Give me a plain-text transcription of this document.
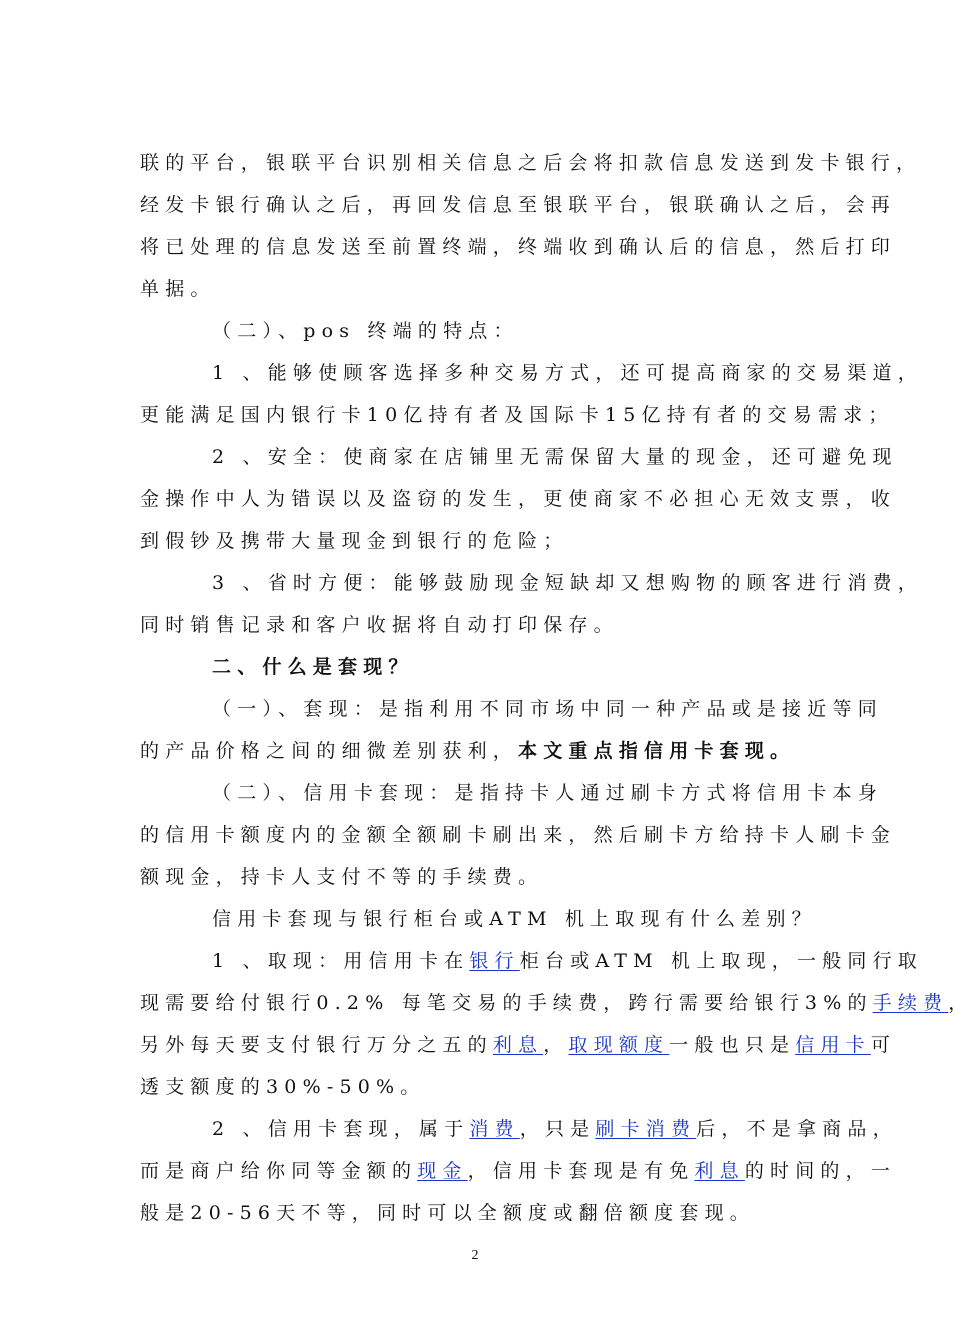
联的平台，银联平台识别相关信息之后会将扣款信息发送到发卡银行，
经发卡银行确认之后，再回发信息至银联平台，银联确认之后，会再
将已处理的信息发送至前置终端，终端收到确认后的信息，然后打印
单据。
（二）、pos 终端的特点：
1 、能够使顾客选择多种交易方式，还可提高商家的交易渠道，
更能满足国内银行卡10亿持有者及国际卡15亿持有者的交易需求；
2 、安全：使商家在店铺里无需保留大量的现金，还可避免现
金操作中人为错误以及盗窃的发生，更使商家不必担心无效支票，收
到假钞及携带大量现金到银行的危险；
3 、省时方便：能够鼓励现金短缺却又想购物的顾客进行消费，
同时销售记录和客户收据将自动打印保存。
二、什么是套现？
（一）、套现：是指利用不同市场中同一种产品或是接近等同
的产品价格之间的细微差别获利，本文重点指信用卡套现。
（二）、信用卡套现：是指持卡人通过刷卡方式将信用卡本身
的信用卡额度内的金额全额刷卡刷出来，然后刷卡方给持卡人刷卡金
额现金，持卡人支付不等的手续费。
信用卡套现与银行柜台或ATM 机上取现有什么差别？
1 、取现：用信用卡在银行柜台或ATM 机上取现，一般同行取
现需要给付银行0.2% 每笔交易的手续费，跨行需要给银行3%的手续费，
另外每天要支付银行万分之五的利息，取现额度一般也只是信用卡可
透支额度的30%-50%。
2 、信用卡套现，属于消费，只是刷卡消费后，不是拿商品，
而是商户给你同等金额的现金，信用卡套现是有免利息的时间的，一
般是20-56天不等，同时可以全额度或翻倍额度套现。
2
